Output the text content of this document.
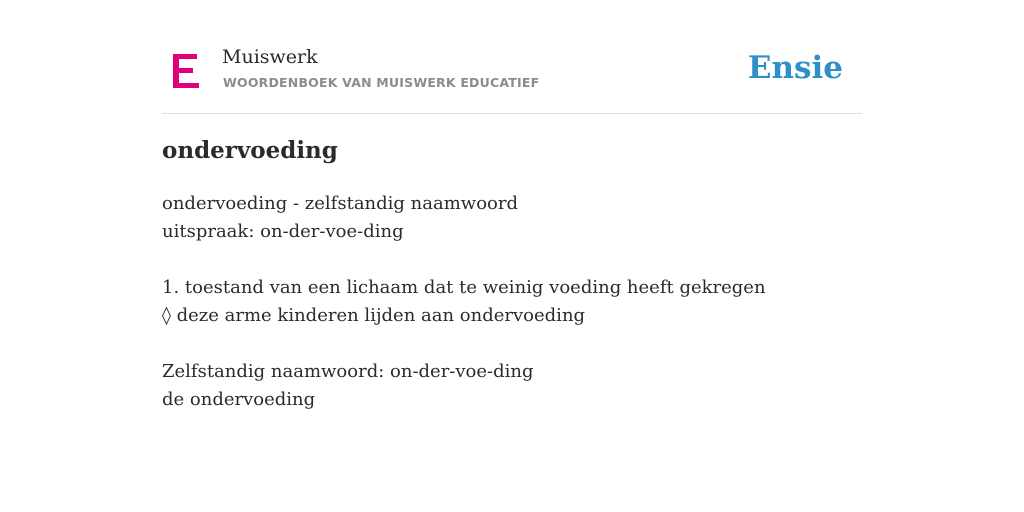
Muiswerk
WOORDENBOEK VAN MUISWERK EDUCATIEF	Ensie
ondervoeding
ondervoeding - zelfstandig naamwoord
uitspraak: on-der-voe-ding
1. toestand van een lichaam dat te weinig voeding heeft gekregen
◊ deze arme kinderen lijden aan ondervoeding
Zelfstandig naamwoord: on-der-voe-ding
de ondervoeding
